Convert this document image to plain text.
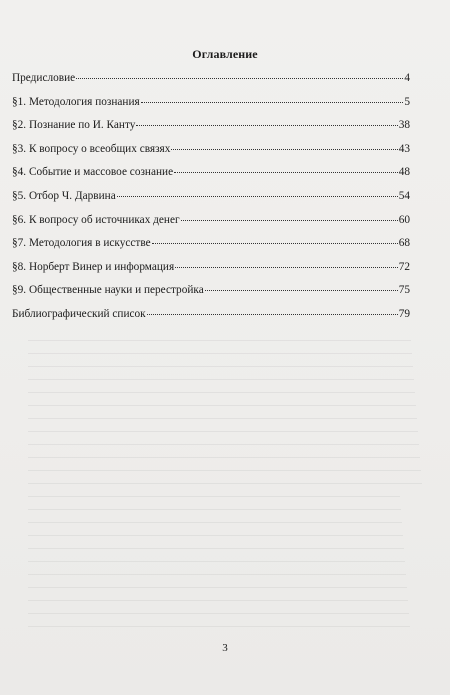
Оглавление
Предисловие	4
§1. Методология познания	5
§2. Познание по И. Канту	38
§3. К вопросу о всеобщих связях	43
§4. Событие и массовое сознание	48
§5. Отбор Ч. Дарвина	54
§6. К вопросу об источниках денег	60
§7. Методология в искусстве	68
§8. Норберт Винер и информация	72
§9. Общественные науки и перестройка	75
Библиографический список	79
3
